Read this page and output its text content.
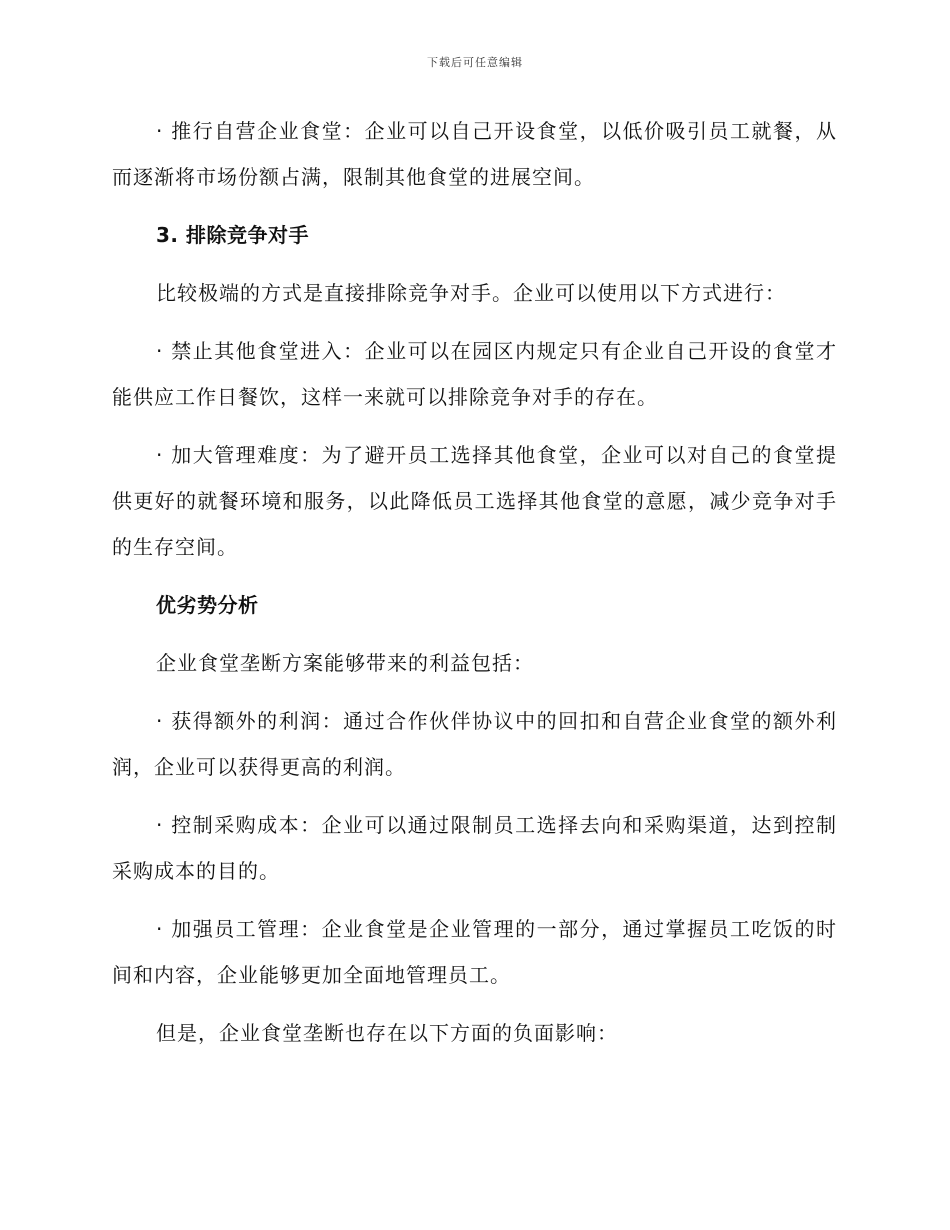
下载后可任意编辑

· 推行自营企业食堂：企业可以自己开设食堂，以低价吸引员工就餐，从而逐渐将市场份额占满，限制其他食堂的进展空间。

3. 排除竞争对手

比较极端的方式是直接排除竞争对手。企业可以使用以下方式进行：

· 禁止其他食堂进入：企业可以在园区内规定只有企业自己开设的食堂才能供应工作日餐饮，这样一来就可以排除竞争对手的存在。

· 加大管理难度：为了避开员工选择其他食堂，企业可以对自己的食堂提供更好的就餐环境和服务，以此降低员工选择其他食堂的意愿，减少竞争对手的生存空间。

优劣势分析

企业食堂垄断方案能够带来的利益包括：

· 获得额外的利润：通过合作伙伴协议中的回扣和自营企业食堂的额外利润，企业可以获得更高的利润。

· 控制采购成本：企业可以通过限制员工选择去向和采购渠道，达到控制采购成本的目的。

· 加强员工管理：企业食堂是企业管理的一部分，通过掌握员工吃饭的时间和内容，企业能够更加全面地管理员工。

但是，企业食堂垄断也存在以下方面的负面影响：
